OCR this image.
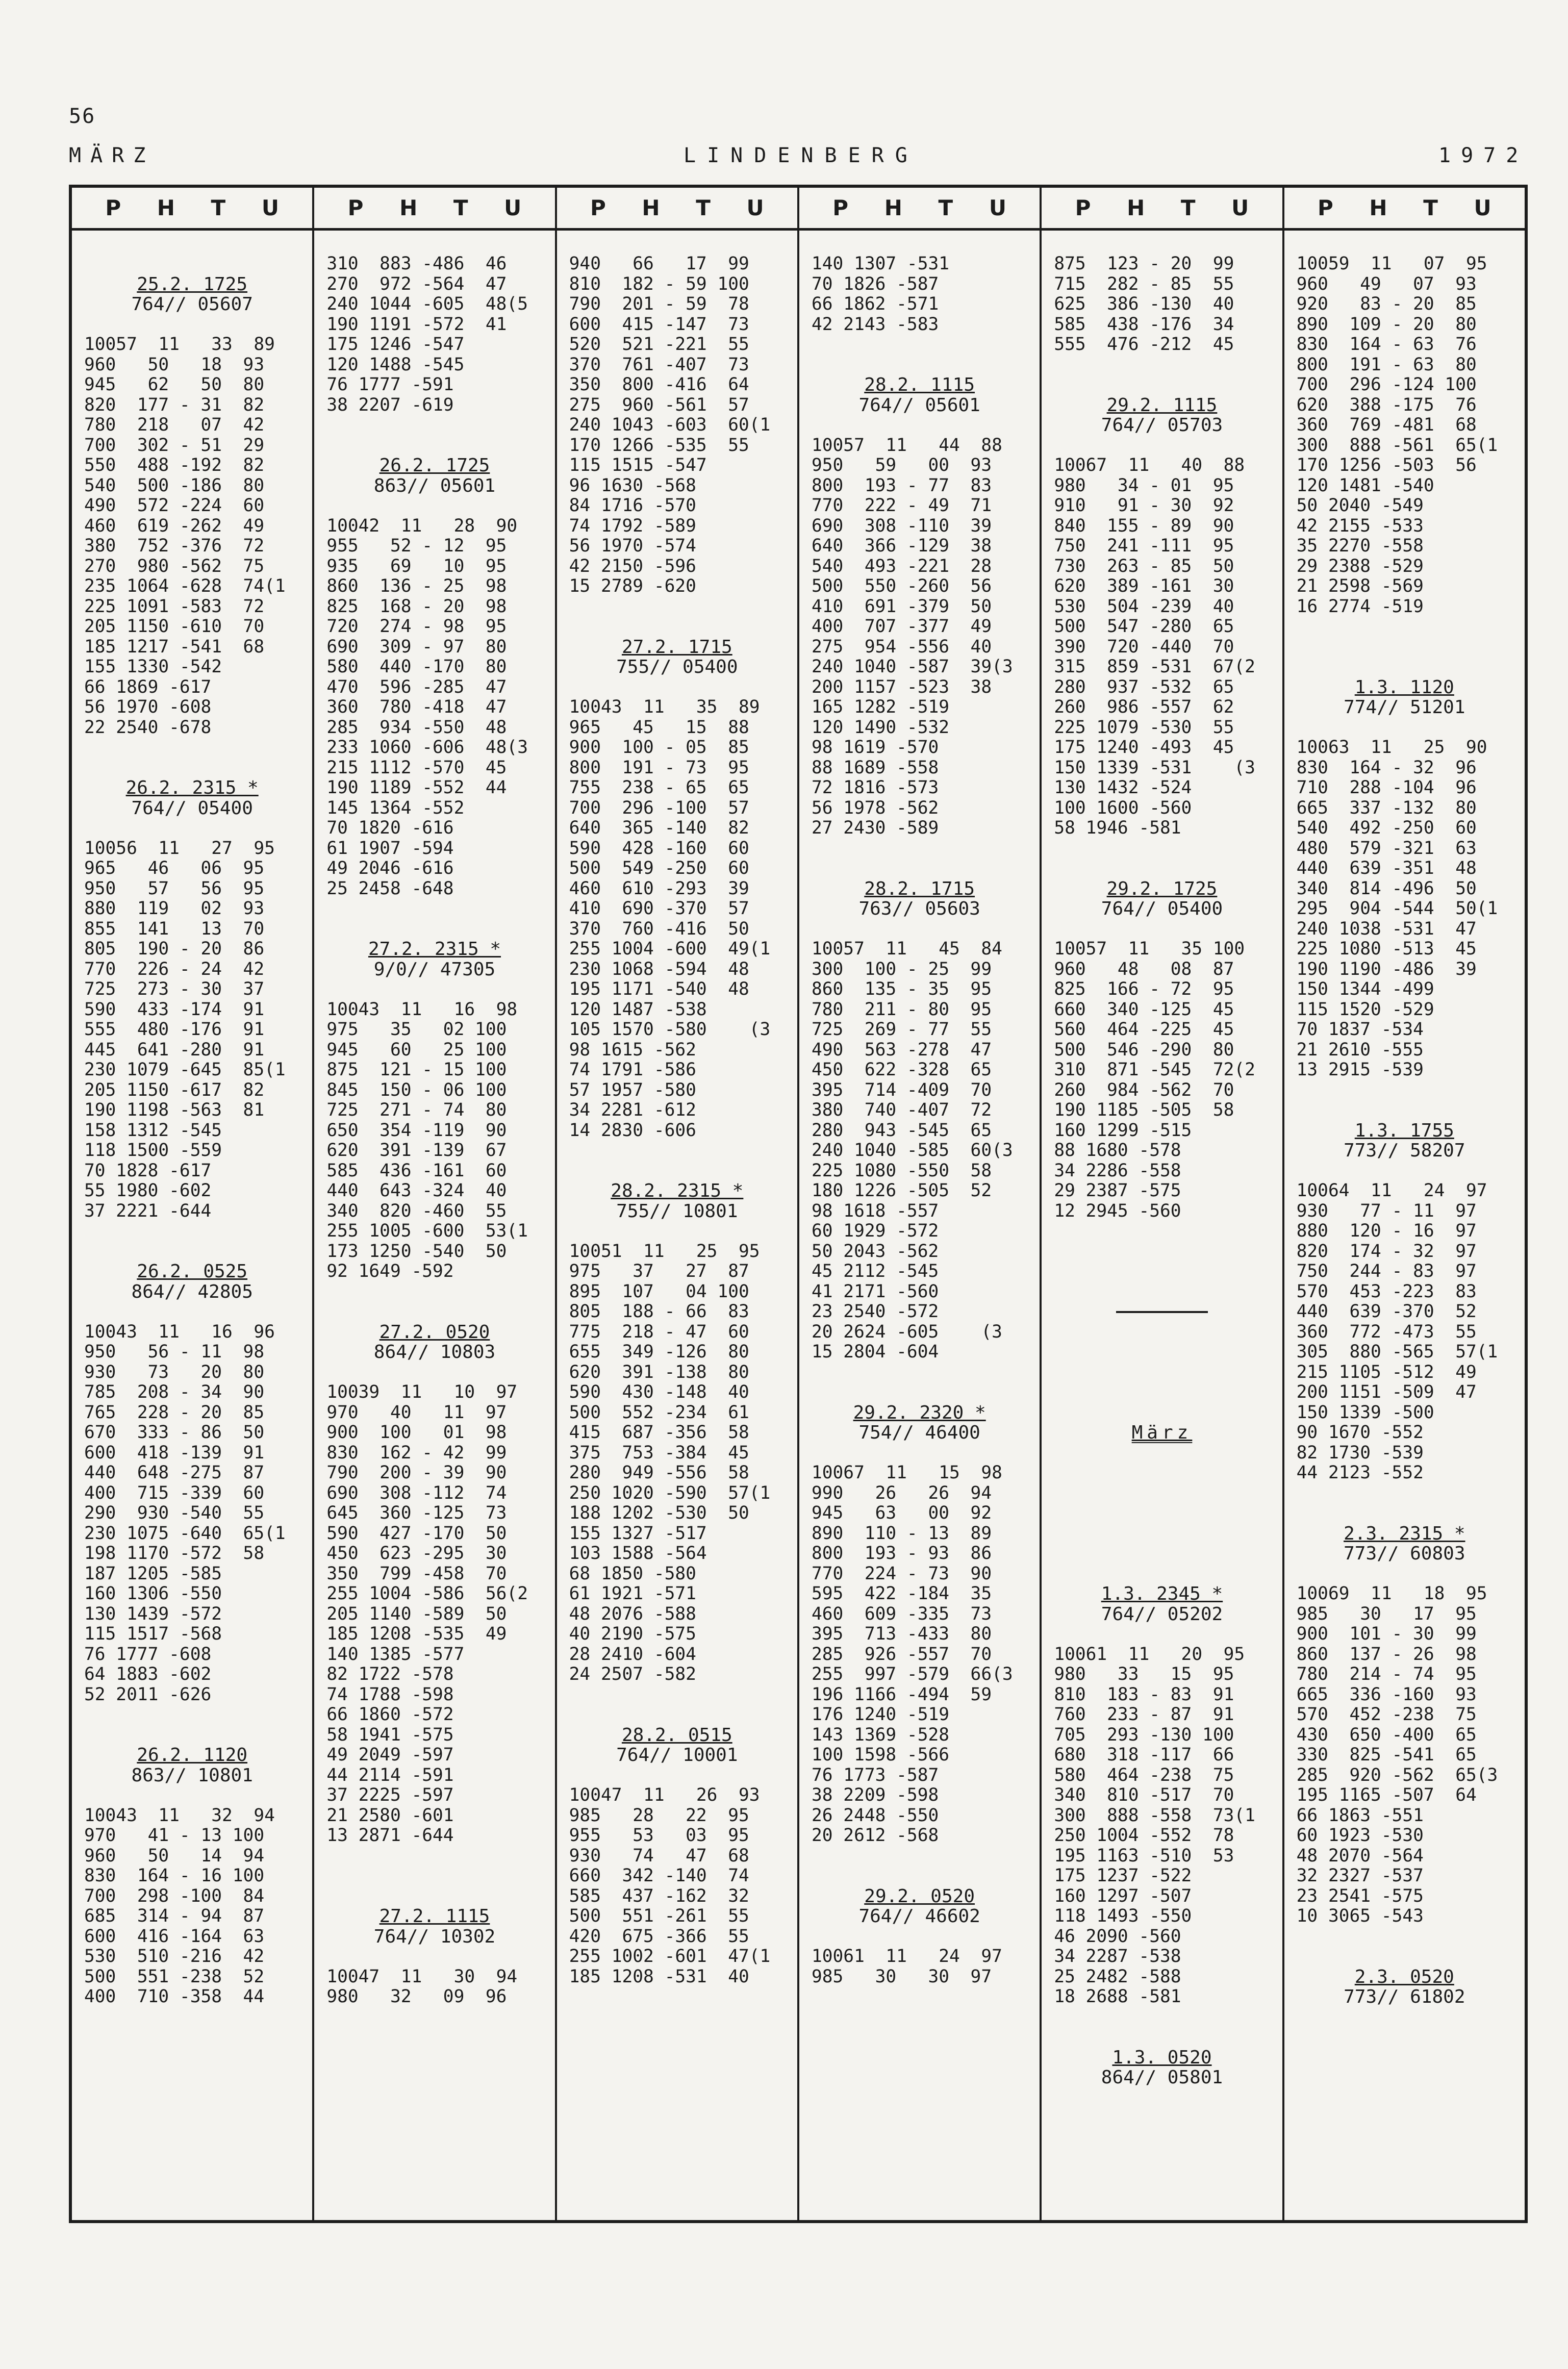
56
MÄRZ	LINDENBERG	1972
P H T U
25.2. 1725
764// 05607
10057  11   33  89
960   50   18  93
945   62   50  80
820  177 - 31  82
780  218   07  42
700  302 - 51  29
550  488 -192  82
540  500 -186  80
490  572 -224  60
460  619 -262  49
380  752 -376  72
270  980 -562  75
235 1064 -628  74(1
225 1091 -583  72
205 1150 -610  70
185 1217 -541  68
155 1330 -542
66 1869 -617
56 1970 -608
22 2540 -678
26.2. 2315 *
764// 05400
10056  11   27  95
965   46   06  95
950   57   56  95
880  119   02  93
855  141   13  70
805  190 - 20  86
770  226 - 24  42
725  273 - 30  37
590  433 -174  91
555  480 -176  91
445  641 -280  91
230 1079 -645  85(1
205 1150 -617  82
190 1198 -563  81
158 1312 -545
118 1500 -559
70 1828 -617
55 1980 -602
37 2221 -644
26.2. 0525
864// 42805
10043  11   16  96
950   56 - 11  98
930   73   20  80
785  208 - 34  90
765  228 - 20  85
670  333 - 86  50
600  418 -139  91
440  648 -275  87
400  715 -339  60
290  930 -540  55
230 1075 -640  65(1
198 1170 -572  58
187 1205 -585
160 1306 -550
130 1439 -572
115 1517 -568
76 1777 -608
64 1883 -602
52 2011 -626
26.2. 1120
863// 10801
10043  11   32  94
970   41 - 13 100
960   50   14  94
830  164 - 16 100
700  298 -100  84
685  314 - 94  87
600  416 -164  63
530  510 -216  42
500  551 -238  52
400  710 -358  44
P H T U
310  883 -486  46
270  972 -564  47
240 1044 -605  48(5
190 1191 -572  41
175 1246 -547
120 1488 -545
76 1777 -591
38 2207 -619
26.2. 1725
863// 05601
10042  11   28  90
955   52 - 12  95
935   69   10  95
860  136 - 25  98
825  168 - 20  98
720  274 - 98  95
690  309 - 97  80
580  440 -170  80
470  596 -285  47
360  780 -418  47
285  934 -550  48
233 1060 -606  48(3
215 1112 -570  45
190 1189 -552  44
145 1364 -552
70 1820 -616
61 1907 -594
49 2046 -616
25 2458 -648
27.2. 2315 *
9/0// 47305
10043  11   16  98
975   35   02 100
945   60   25 100
875  121 - 15 100
845  150 - 06 100
725  271 - 74  80
650  354 -119  90
620  391 -139  67
585  436 -161  60
440  643 -324  40
340  820 -460  55
255 1005 -600  53(1
173 1250 -540  50
92 1649 -592
27.2. 0520
864// 10803
10039  11   10  97
970   40   11  97
900  100   01  98
830  162 - 42  99
790  200 - 39  90
690  308 -112  74
645  360 -125  73
590  427 -170  50
450  623 -295  30
350  799 -458  70
255 1004 -586  56(2
205 1140 -589  50
185 1208 -535  49
140 1385 -577
82 1722 -578
74 1788 -598
66 1860 -572
58 1941 -575
49 2049 -597
44 2114 -591
37 2225 -597
21 2580 -601
13 2871 -644
27.2. 1115
764// 10302
10047  11   30  94
980   32   09  96
P H T U
940   66   17  99
810  182 - 59 100
790  201 - 59  78
600  415 -147  73
520  521 -221  55
370  761 -407  73
350  800 -416  64
275  960 -561  57
240 1043 -603  60(1
170 1266 -535  55
115 1515 -547
96 1630 -568
84 1716 -570
74 1792 -589
56 1970 -574
42 2150 -596
15 2789 -620
27.2. 1715
755// 05400
10043  11   35  89
965   45   15  88
900  100 - 05  85
800  191 - 73  95
755  238 - 65  65
700  296 -100  57
640  365 -140  82
590  428 -160  60
500  549 -250  60
460  610 -293  39
410  690 -370  57
370  760 -416  50
255 1004 -600  49(1
230 1068 -594  48
195 1171 -540  48
120 1487 -538
105 1570 -580    (3
98 1615 -562
74 1791 -586
57 1957 -580
34 2281 -612
14 2830 -606
28.2. 2315 *
755// 10801
10051  11   25  95
975   37   27  87
895  107   04 100
805  188 - 66  83
775  218 - 47  60
655  349 -126  80
620  391 -138  80
590  430 -148  40
500  552 -234  61
415  687 -356  58
375  753 -384  45
280  949 -556  58
250 1020 -590  57(1
188 1202 -530  50
155 1327 -517
103 1588 -564
68 1850 -580
61 1921 -571
48 2076 -588
40 2190 -575
28 2410 -604
24 2507 -582
28.2. 0515
764// 10001
10047  11   26  93
985   28   22  95
955   53   03  95
930   74   47  68
660  342 -140  74
585  437 -162  32
500  551 -261  55
420  675 -366  55
255 1002 -601  47(1
185 1208 -531  40
P H T U
140 1307 -531
70 1826 -587
66 1862 -571
42 2143 -583
28.2. 1115
764// 05601
10057  11   44  88
950   59   00  93
800  193 - 77  83
770  222 - 49  71
690  308 -110  39
640  366 -129  38
540  493 -221  28
500  550 -260  56
410  691 -379  50
400  707 -377  49
275  954 -556  40
240 1040 -587  39(3
200 1157 -523  38
165 1282 -519
120 1490 -532
98 1619 -570
88 1689 -558
72 1816 -573
56 1978 -562
27 2430 -589
28.2. 1715
763// 05603
10057  11   45  84
300  100 - 25  99
860  135 - 35  95
780  211 - 80  95
725  269 - 77  55
490  563 -278  47
450  622 -328  65
395  714 -409  70
380  740 -407  72
280  943 -545  65
240 1040 -585  60(3
225 1080 -550  58
180 1226 -505  52
98 1618 -557
60 1929 -572
50 2043 -562
45 2112 -545
41 2171 -560
23 2540 -572
20 2624 -605    (3
15 2804 -604
29.2. 2320 *
754// 46400
10067  11   15  98
990   26   26  94
945   63   00  92
890  110 - 13  89
800  193 - 93  86
770  224 - 73  90
595  422 -184  35
460  609 -335  73
395  713 -433  80
285  926 -557  70
255  997 -579  66(3
196 1166 -494  59
176 1240 -519
143 1369 -528
100 1598 -566
76 1773 -587
38 2209 -598
26 2448 -550
20 2612 -568
29.2. 0520
764// 46602
10061  11   24  97
985   30   30  97
P H T U
875  123 - 20  99
715  282 - 85  55
625  386 -130  40
585  438 -176  34
555  476 -212  45
29.2. 1115
764// 05703
10067  11   40  88
980   34 - 01  95
910   91 - 30  92
840  155 - 89  90
750  241 -111  95
730  263 - 85  50
620  389 -161  30
530  504 -239  40
500  547 -280  65
390  720 -440  70
315  859 -531  67(2
280  937 -532  65
260  986 -557  62
225 1079 -530  55
175 1240 -493  45
150 1339 -531    (3
130 1432 -524
100 1600 -560
58 1946 -581
29.2. 1725
764// 05400
10057  11   35 100
960   48   08  87
825  166 - 72  95
660  340 -125  45
560  464 -225  45
500  546 -290  80
310  871 -545  72(2
260  984 -562  70
190 1185 -505  58
160 1299 -515
88 1680 -578
34 2286 -558
29 2387 -575
12 2945 -560
März
1.3. 2345 *
764// 05202
10061  11   20  95
980   33   15  95
810  183 - 83  91
760  233 - 87  91
705  293 -130 100
680  318 -117  66
580  464 -238  75
340  810 -517  70
300  888 -558  73(1
250 1004 -552  78
195 1163 -510  53
175 1237 -522
160 1297 -507
118 1493 -550
46 2090 -560
34 2287 -538
25 2482 -588
18 2688 -581
1.3. 0520
864// 05801
P H T U
10059  11   07  95
960   49   07  93
920   83 - 20  85
890  109 - 20  80
830  164 - 63  76
800  191 - 63  80
700  296 -124 100
620  388 -175  76
360  769 -481  68
300  888 -561  65(1
170 1256 -503  56
120 1481 -540
50 2040 -549
42 2155 -533
35 2270 -558
29 2388 -529
21 2598 -569
16 2774 -519
1.3. 1120
774// 51201
10063  11   25  90
830  164 - 32  96
710  288 -104  96
665  337 -132  80
540  492 -250  60
480  579 -321  63
440  639 -351  48
340  814 -496  50
295  904 -544  50(1
240 1038 -531  47
225 1080 -513  45
190 1190 -486  39
150 1344 -499
115 1520 -529
70 1837 -534
21 2610 -555
13 2915 -539
1.3. 1755
773// 58207
10064  11   24  97
930   77 - 11  97
880  120 - 16  97
820  174 - 32  97
750  244 - 83  97
570  453 -223  83
440  639 -370  52
360  772 -473  55
305  880 -565  57(1
215 1105 -512  49
200 1151 -509  47
150 1339 -500
90 1670 -552
82 1730 -539
44 2123 -552
2.3. 2315 *
773// 60803
10069  11   18  95
985   30   17  95
900  101 - 30  99
860  137 - 26  98
780  214 - 74  95
665  336 -160  93
570  452 -238  75
430  650 -400  65
330  825 -541  65
285  920 -562  65(3
195 1165 -507  64
66 1863 -551
60 1923 -530
48 2070 -564
32 2327 -537
23 2541 -575
10 3065 -543
2.3. 0520
773// 61802
